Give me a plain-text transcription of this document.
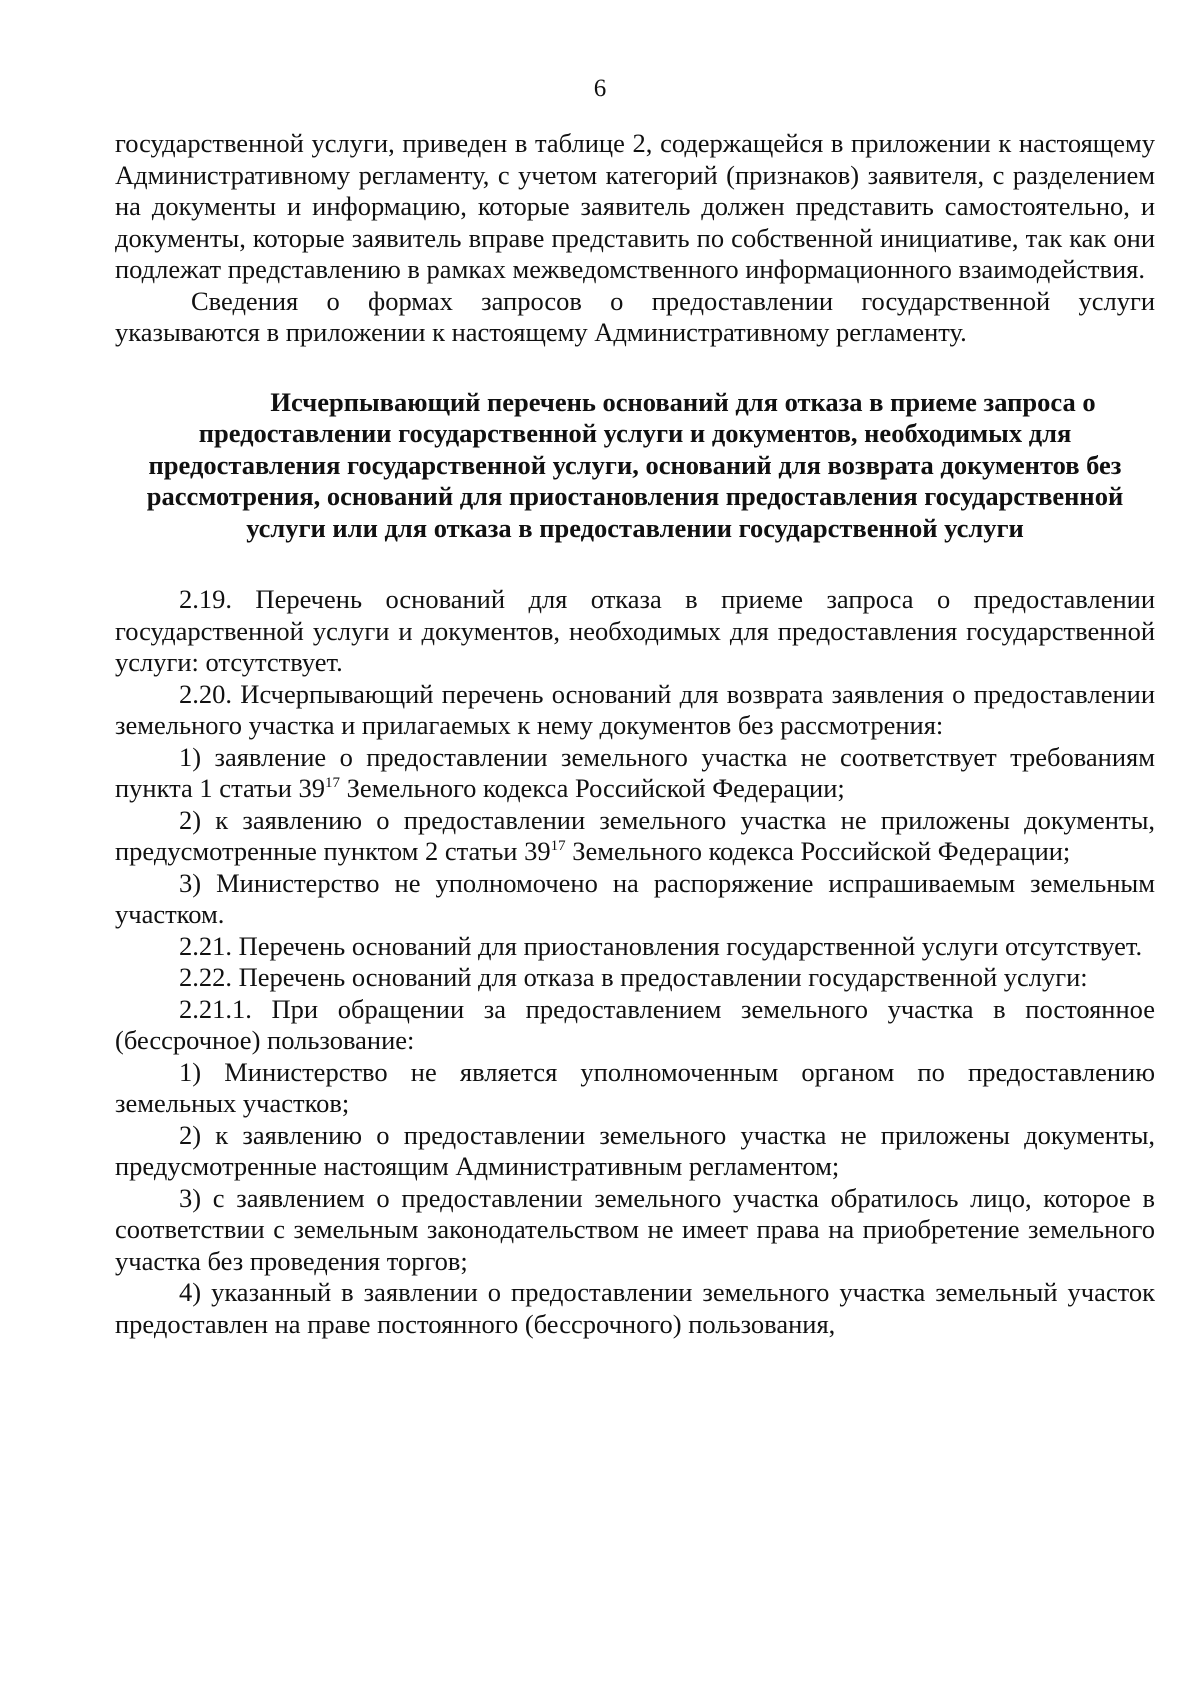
6

государственной услуги, приведен в таблице 2, содержащейся в приложении к настоящему Административному регламенту, с учетом категорий (признаков) заявителя, с разделением на документы и информацию, которые заявитель должен представить самостоятельно, и документы, которые заявитель вправе представить по собственной инициативе, так как они подлежат представлению в рамках межведомственного информационного взаимодействия.

Сведения о формах запросов о предоставлении государственной услуги указываются в приложении к настоящему Административному регламенту.

Исчерпывающий перечень оснований для отказа в приеме запроса о предоставлении государственной услуги и документов, необходимых для предоставления государственной услуги, оснований для возврата документов без рассмотрения, оснований для приостановления предоставления государственной услуги или для отказа в предоставлении государственной услуги

2.19. Перечень оснований для отказа в приеме запроса о предоставлении государственной услуги и документов, необходимых для предоставления государственной услуги: отсутствует.

2.20. Исчерпывающий перечень оснований для возврата заявления о предоставлении земельного участка и прилагаемых к нему документов без рассмотрения:

1) заявление о предоставлении земельного участка не соответствует требованиям пункта 1 статьи $39^{17}$ Земельного кодекса Российской Федерации;

2) к заявлению о предоставлении земельного участка не приложены документы, предусмотренные пунктом 2 статьи $39^{17}$ Земельного кодекса Российской Федерации;

3) Министерство не уполномочено на распоряжение испрашиваемым земельным участком.

2.21. Перечень оснований для приостановления государственной услуги отсутствует.

2.22. Перечень оснований для отказа в предоставлении государственной услуги:

2.21.1. При обращении за предоставлением земельного участка в постоянное (бессрочное) пользование:

1) Министерство не является уполномоченным органом по предоставлению земельных участков;

2) к заявлению о предоставлении земельного участка не приложены документы, предусмотренные настоящим Административным регламентом;

3) с заявлением о предоставлении земельного участка обратилось лицо, которое в соответствии с земельным законодательством не имеет права на приобретение земельного участка без проведения торгов;

4) указанный в заявлении о предоставлении земельного участка земельный участок предоставлен на праве постоянного (бессрочного) пользования,
